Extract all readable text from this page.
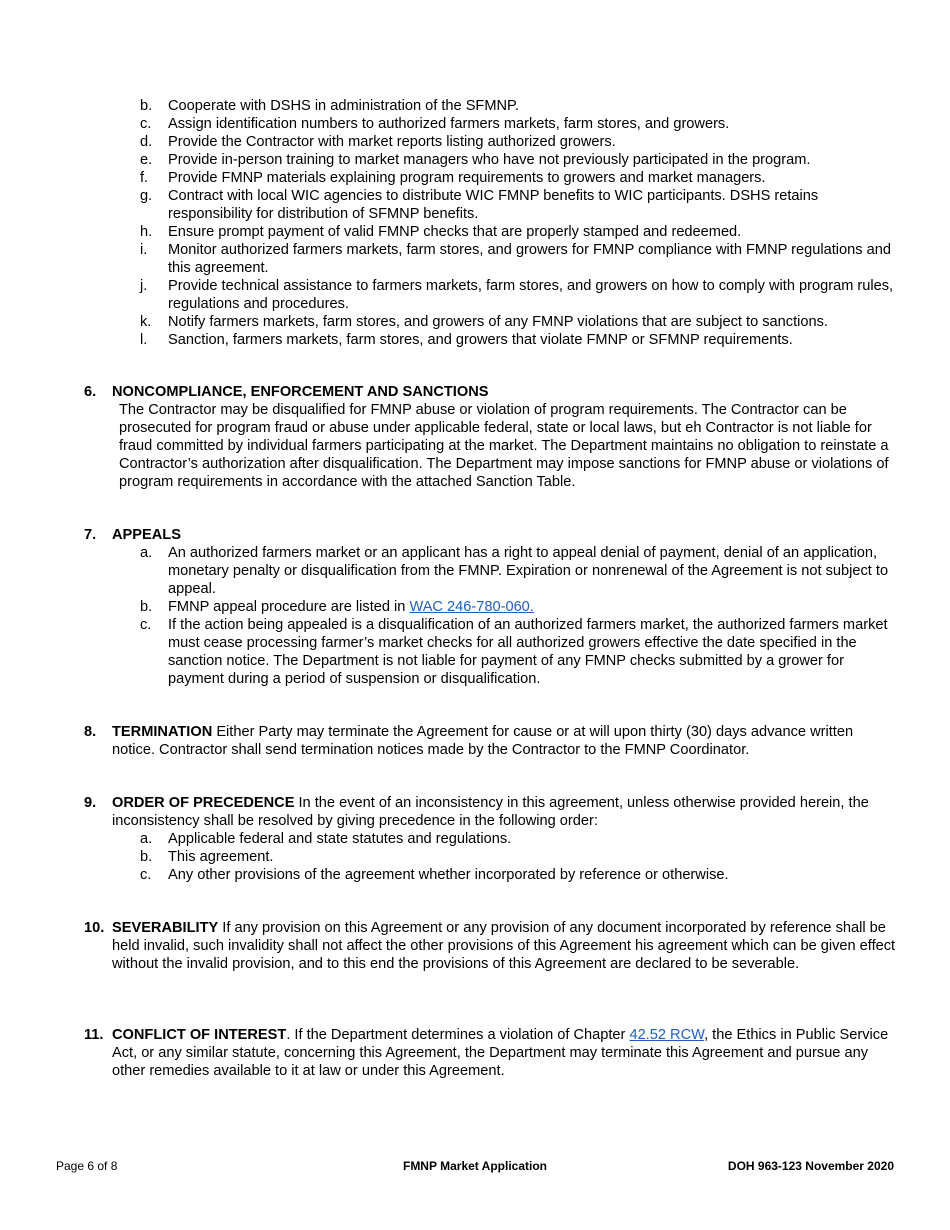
b. Cooperate with DSHS in administration of the SFMNP.
c. Assign identification numbers to authorized farmers markets, farm stores, and growers.
d. Provide the Contractor with market reports listing authorized growers.
e. Provide in-person training to market managers who have not previously participated in the program.
f. Provide FMNP materials explaining program requirements to growers and market managers.
g. Contract with local WIC agencies to distribute WIC FMNP benefits to WIC participants. DSHS retains responsibility for distribution of SFMNP benefits.
h. Ensure prompt payment of valid FMNP checks that are properly stamped and redeemed.
i. Monitor authorized farmers markets, farm stores, and growers for FMNP compliance with FMNP regulations and this agreement.
j. Provide technical assistance to farmers markets, farm stores, and growers on how to comply with program rules, regulations and procedures.
k. Notify farmers markets, farm stores, and growers of any FMNP violations that are subject to sanctions.
l. Sanction, farmers markets, farm stores, and growers that violate FMNP or SFMNP requirements.
6. NONCOMPLIANCE, ENFORCEMENT AND SANCTIONS
The Contractor may be disqualified for FMNP abuse or violation of program requirements. The Contractor can be prosecuted for program fraud or abuse under applicable federal, state or local laws, but eh Contractor is not liable for fraud committed by individual farmers participating at the market. The Department maintains no obligation to reinstate a Contractor’s authorization after disqualification. The Department may impose sanctions for FMNP abuse or violations of program requirements in accordance with the attached Sanction Table.
7. APPEALS
a. An authorized farmers market or an applicant has a right to appeal denial of payment, denial of an application, monetary penalty or disqualification from the FMNP. Expiration or nonrenewal of the Agreement is not subject to appeal.
b. FMNP appeal procedure are listed in WAC 246-780-060.
c. If the action being appealed is a disqualification of an authorized farmers market, the authorized farmers market must cease processing farmer’s market checks for all authorized growers effective the date specified in the sanction notice. The Department is not liable for payment of any FMNP checks submitted by a grower for payment during a period of suspension or disqualification.
8. TERMINATION Either Party may terminate the Agreement for cause or at will upon thirty (30) days advance written notice. Contractor shall send termination notices made by the Contractor to the FMNP Coordinator.
9. ORDER OF PRECEDENCE In the event of an inconsistency in this agreement, unless otherwise provided herein, the inconsistency shall be resolved by giving precedence in the following order:
a. Applicable federal and state statutes and regulations.
b. This agreement.
c. Any other provisions of the agreement whether incorporated by reference or otherwise.
10. SEVERABILITY If any provision on this Agreement or any provision of any document incorporated by reference shall be held invalid, such invalidity shall not affect the other provisions of this Agreement his agreement which can be given effect without the invalid provision, and to this end the provisions of this Agreement are declared to be severable.
11. CONFLICT OF INTEREST. If the Department determines a violation of Chapter 42.52 RCW, the Ethics in Public Service Act, or any similar statute, concerning this Agreement, the Department may terminate this Agreement and pursue any other remedies available to it at law or under this Agreement.
Page 6 of 8	FMNP Market Application	DOH 963-123 November 2020
